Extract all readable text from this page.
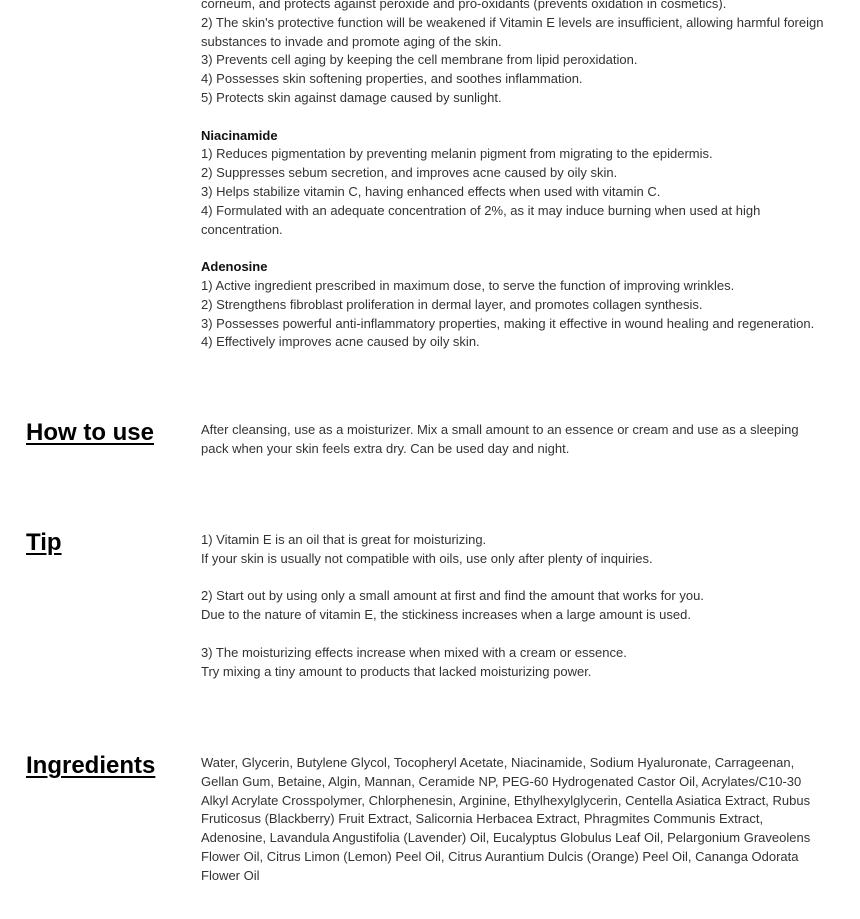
corneum, and protects against peroxide and pro-oxidants (prevents oxidation in cosmetics).
2) The skin's protective function will be weakened if Vitamin E levels are insufficient, allowing harmful foreign substances to invade and promote aging of the skin.
3) Prevents cell aging by keeping the cell membrane from lipid peroxidation.
4) Possesses skin softening properties, and soothes inflammation.
5) Protects skin against damage caused by sunlight.
Niacinamide
1) Reduces pigmentation by preventing melanin pigment from migrating to the epidermis.
2) Suppresses sebum secretion, and improves acne caused by oily skin.
3) Helps stabilize vitamin C, having enhanced effects when used with vitamin C.
4) Formulated with an adequate concentration of 2%, as it may induce burning when used at high concentration.
Adenosine
1) Active ingredient prescribed in maximum dose, to serve the function of improving wrinkles.
2) Strengthens fibroblast proliferation in dermal layer, and promotes collagen synthesis.
3) Possesses powerful anti-inflammatory properties, making it effective in wound healing and regeneration.
4) Effectively improves acne caused by oily skin.
How to use	After cleansing, use as a moisturizer. Mix a small amount to an essence or cream and use as a sleeping pack when your skin feels extra dry. Can be used day and night.
Tip	1) Vitamin E is an oil that is great for moisturizing.
If your skin is usually not compatible with oils, use only after plenty of inquiries.
2) Start out by using only a small amount at first and find the amount that works for you.
Due to the nature of vitamin E, the stickiness increases when a large amount is used.
3) The moisturizing effects increase when mixed with a cream or essence.
Try mixing a tiny amount to products that lacked moisturizing power.
Ingredients	Water, Glycerin, Butylene Glycol, Tocopheryl Acetate, Niacinamide, Sodium Hyaluronate, Carrageenan, Gellan Gum, Betaine, Algin, Mannan, Ceramide NP, PEG-60 Hydrogenated Castor Oil, Acrylates/C10-30 Alkyl Acrylate Crosspolymer, Chlorphenesin, Arginine, Ethylhexylglycerin, Centella Asiatica Extract, Rubus Fruticosus (Blackberry) Fruit Extract, Salicornia Herbacea Extract, Phragmites Communis Extract, Adenosine, Lavandula Angustifolia (Lavender) Oil, Eucalyptus Globulus Leaf Oil, Pelargonium Graveolens Flower Oil, Citrus Limon (Lemon) Peel Oil, Citrus Aurantium Dulcis (Orange) Peel Oil, Cananga Odorata Flower Oil
